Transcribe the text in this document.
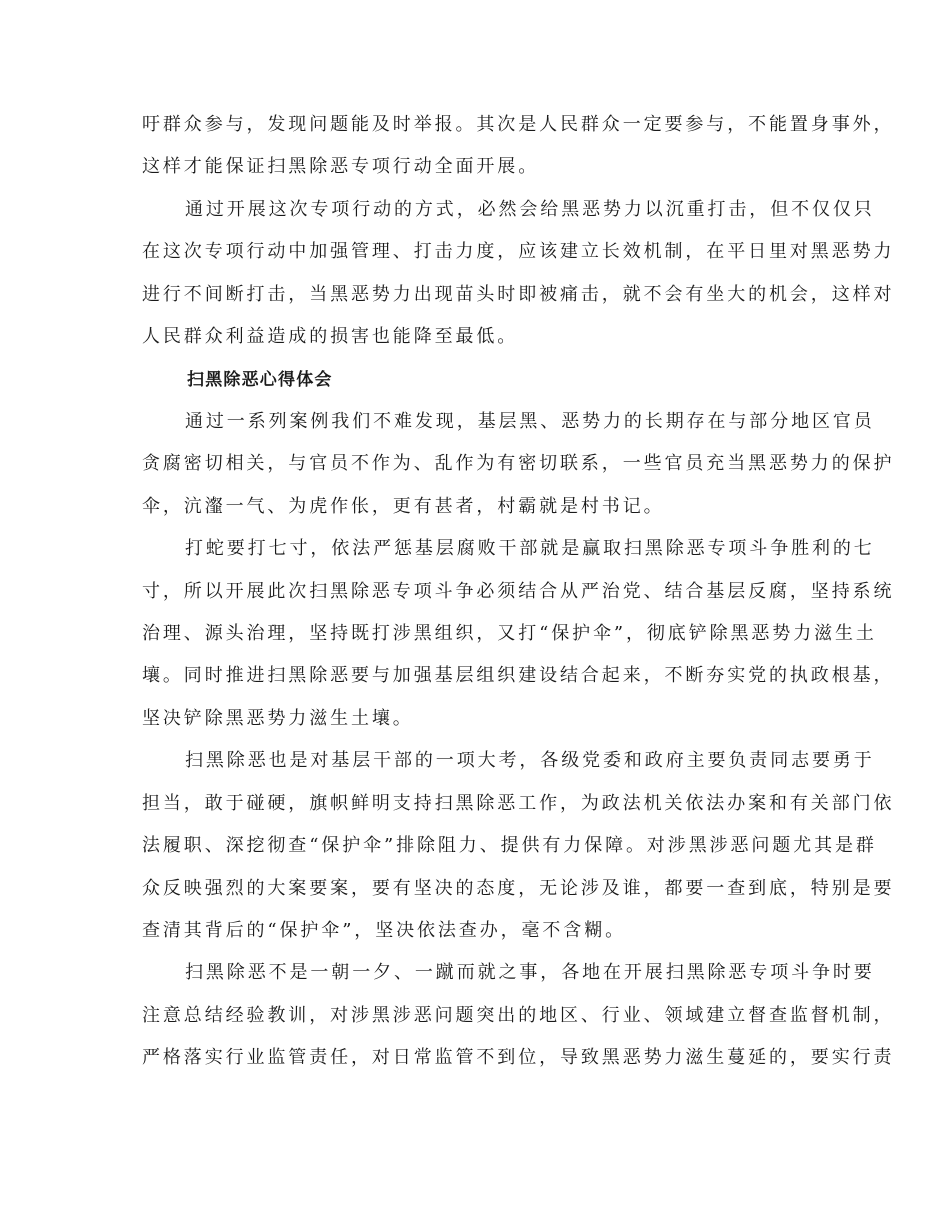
吁群众参与，发现问题能及时举报。其次是人民群众一定要参与，不能置身事外，
这样才能保证扫黑除恶专项行动全面开展。
通过开展这次专项行动的方式，必然会给黑恶势力以沉重打击，但不仅仅只
在这次专项行动中加强管理、打击力度，应该建立长效机制，在平日里对黑恶势力
进行不间断打击，当黑恶势力出现苗头时即被痛击，就不会有坐大的机会，这样对
人民群众利益造成的损害也能降至最低。
扫黑除恶心得体会
通过一系列案例我们不难发现，基层黑、恶势力的长期存在与部分地区官员
贪腐密切相关，与官员不作为、乱作为有密切联系，一些官员充当黑恶势力的保护
伞，沆瀣一气、为虎作伥，更有甚者，村霸就是村书记。
打蛇要打七寸，依法严惩基层腐败干部就是赢取扫黑除恶专项斗争胜利的七
寸，所以开展此次扫黑除恶专项斗争必须结合从严治党、结合基层反腐，坚持系统
治理、源头治理，坚持既打涉黑组织，又打“保护伞”，彻底铲除黑恶势力滋生土
壤。同时推进扫黑除恶要与加强基层组织建设结合起来，不断夯实党的执政根基，
坚决铲除黑恶势力滋生土壤。
扫黑除恶也是对基层干部的一项大考，各级党委和政府主要负责同志要勇于
担当，敢于碰硬，旗帜鲜明支持扫黑除恶工作，为政法机关依法办案和有关部门依
法履职、深挖彻查“保护伞”排除阻力、提供有力保障。对涉黑涉恶问题尤其是群
众反映强烈的大案要案，要有坚决的态度，无论涉及谁，都要一查到底，特别是要
查清其背后的“保护伞”，坚决依法查办，毫不含糊。
扫黑除恶不是一朝一夕、一蹴而就之事，各地在开展扫黑除恶专项斗争时要
注意总结经验教训，对涉黑涉恶问题突出的地区、行业、领域建立督查监督机制，
严格落实行业监管责任，对日常监管不到位，导致黑恶势力滋生蔓延的，要实行责
